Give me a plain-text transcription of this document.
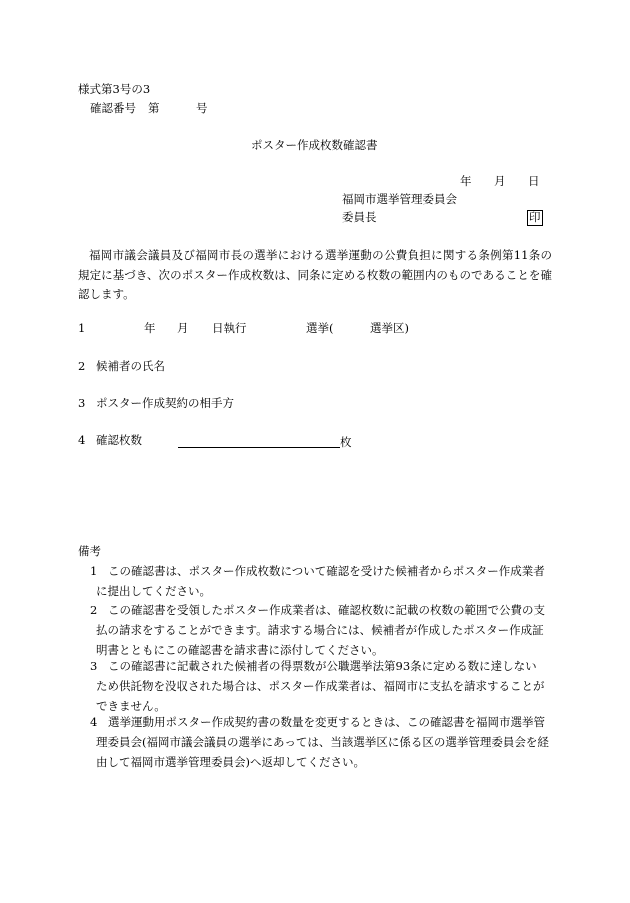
様式第3号の3
確認番号 第	号
ポスター作成枚数確認書
年 月 日
福岡市選挙管理委員会
委員長	印
福岡市議会議員及び福岡市長の選挙における選挙運動の公費負担に関する条例第11条の規定に基づき、次のポスター作成枚数は、同条に定める枚数の範囲内のものであることを確認します。
1	年 月 日執行	選挙(	選挙区)
2 候補者の氏名
3 ポスター作成契約の相手方
4 確認枚数	枚
備考
1 この確認書は、ポスター作成枚数について確認を受けた候補者からポスター作成業者
に提出してください。
2 この確認書を受領したポスター作成業者は、確認枚数に記載の枚数の範囲で公費の支
払の請求をすることができます。請求する場合には、候補者が作成したポスター作成証明書とともにこの確認書を請求書に添付してください。
3 この確認書に記載された候補者の得票数が公職選挙法第93条に定める数に達しない
ため供託物を没収された場合は、ポスター作成業者は、福岡市に支払を請求することができません。
4 選挙運動用ポスター作成契約書の数量を変更するときは、この確認書を福岡市選挙管
理委員会(福岡市議会議員の選挙にあっては、当該選挙区に係る区の選挙管理委員会を経由して福岡市選挙管理委員会)へ返却してください。
